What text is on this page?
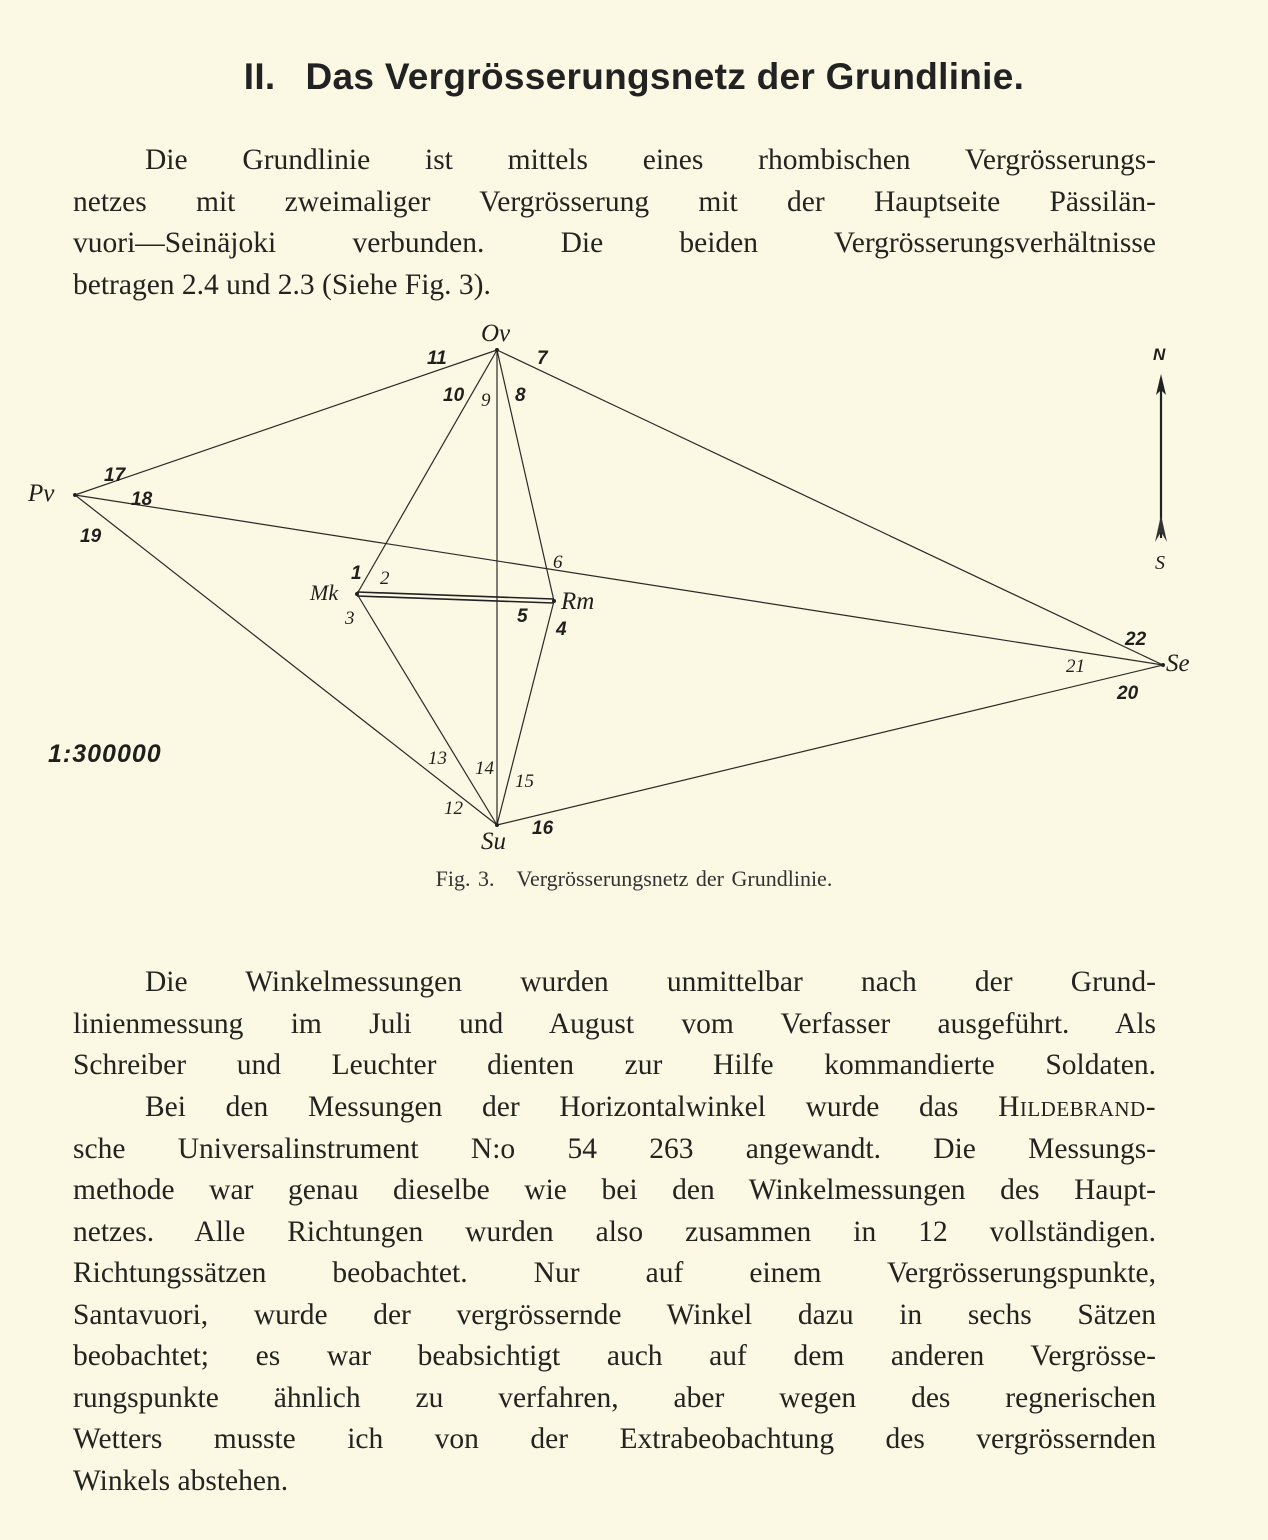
II. Das Vergrösserungsnetz der Grundlinie.
Die Grundlinie ist mittels eines rhombischen Vergrösserungs-
netzes mit zweimaliger Vergrösserung mit der Hauptseite Pässilän-
vuori—Seinäjoki verbunden. Die beiden Vergrösserungsverhältnisse
betragen 2.4 und 2.3 (Siehe Fig. 3).
Ov
Pv
Mk	Rm
Se
Su
1 2
3
4
5
6
7
8
9
10
11
12
13 14
15
16
17
18
19
20
21
22
N
S
1:300000
Fig. 3. Vergrösserungsnetz der Grundlinie.
Die Winkelmessungen wurden unmittelbar nach der Grund-
linienmessung im Juli und August vom Verfasser ausgeführt. Als
Schreiber und Leuchter dienten zur Hilfe kommandierte Soldaten.
Bei den Messungen der Horizontalwinkel wurde das Hildebrand-
sche Universalinstrument N:o 54 263 angewandt. Die Messungs-
methode war genau dieselbe wie bei den Winkelmessungen des Haupt-
netzes. Alle Richtungen wurden also zusammen in 12 vollständigen.
Richtungssätzen beobachtet. Nur auf einem Vergrösserungspunkte,
Santavuori, wurde der vergrössernde Winkel dazu in sechs Sätzen
beobachtet; es war beabsichtigt auch auf dem anderen Vergrösse-
rungspunkte ähnlich zu verfahren, aber wegen des regnerischen
Wetters musste ich von der Extrabeobachtung des vergrössernden
Winkels abstehen.
